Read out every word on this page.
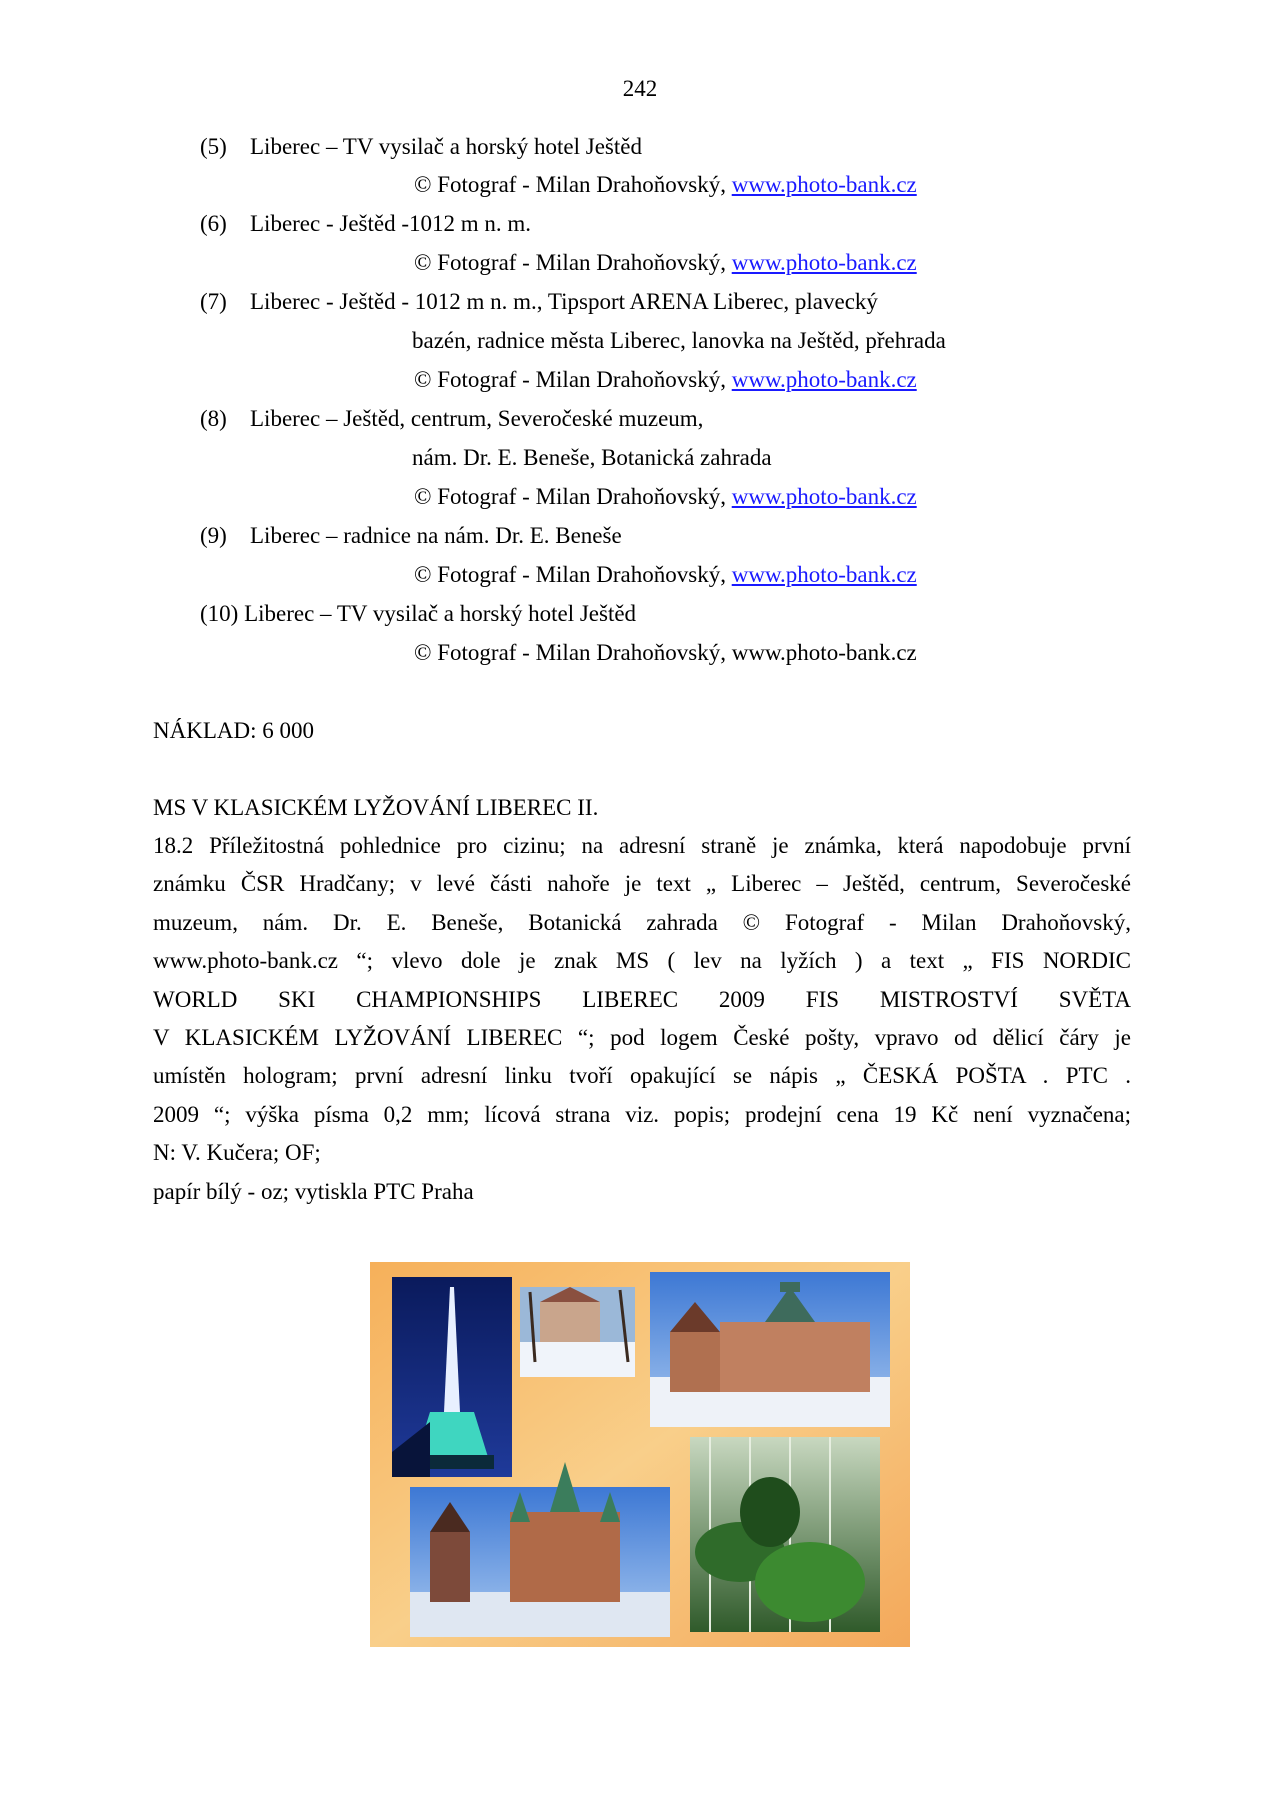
242
(5) Liberec – TV vysilač a horský hotel Ještěd
© Fotograf - Milan Drahoňovský, www.photo-bank.cz
(6) Liberec - Ještěd -1012 m n. m.
© Fotograf - Milan Drahoňovský, www.photo-bank.cz
(7) Liberec - Ještěd - 1012 m n. m., Tipsport ARENA Liberec, plavecký
bazén, radnice města Liberec, lanovka na Ještěd, přehrada
© Fotograf - Milan Drahoňovský, www.photo-bank.cz
(8) Liberec – Ještěd, centrum, Severočeské muzeum,
nám. Dr. E. Beneše, Botanická zahrada
© Fotograf - Milan Drahoňovský, www.photo-bank.cz
(9) Liberec – radnice na nám. Dr. E. Beneše
© Fotograf - Milan Drahoňovský, www.photo-bank.cz
(10) Liberec – TV vysilač a horský hotel Ještěd
© Fotograf - Milan Drahoňovský, www.photo-bank.cz
NÁKLAD: 6 000
MS V KLASICKÉM LYŽOVÁNÍ LIBEREC II.
18.2 Příležitostná pohlednice pro cizinu; na adresní straně je známka, která napodobuje první
známku ČSR Hradčany; v levé části nahoře je text „ Liberec – Ještěd, centrum, Severočeské
muzeum, nám. Dr. E. Beneše, Botanická zahrada © Fotograf - Milan Drahoňovský,
www.photo-bank.cz “; vlevo dole je znak MS ( lev na lyžích ) a text „ FIS NORDIC
WORLD SKI CHAMPIONSHIPS LIBEREC 2009 FIS MISTROSTVÍ SVĚTA
V KLASICKÉM LYŽOVÁNÍ LIBEREC “; pod logem České pošty, vpravo od dělicí čáry je
umístěn hologram; první adresní linku tvoří opakující se nápis „ ČESKÁ POŠTA . PTC .
2009 “; výška písma 0,2 mm; lícová strana viz. popis; prodejní cena 19 Kč není vyznačena;
N: V. Kučera; OF;
papír bílý - oz; vytiskla PTC Praha
